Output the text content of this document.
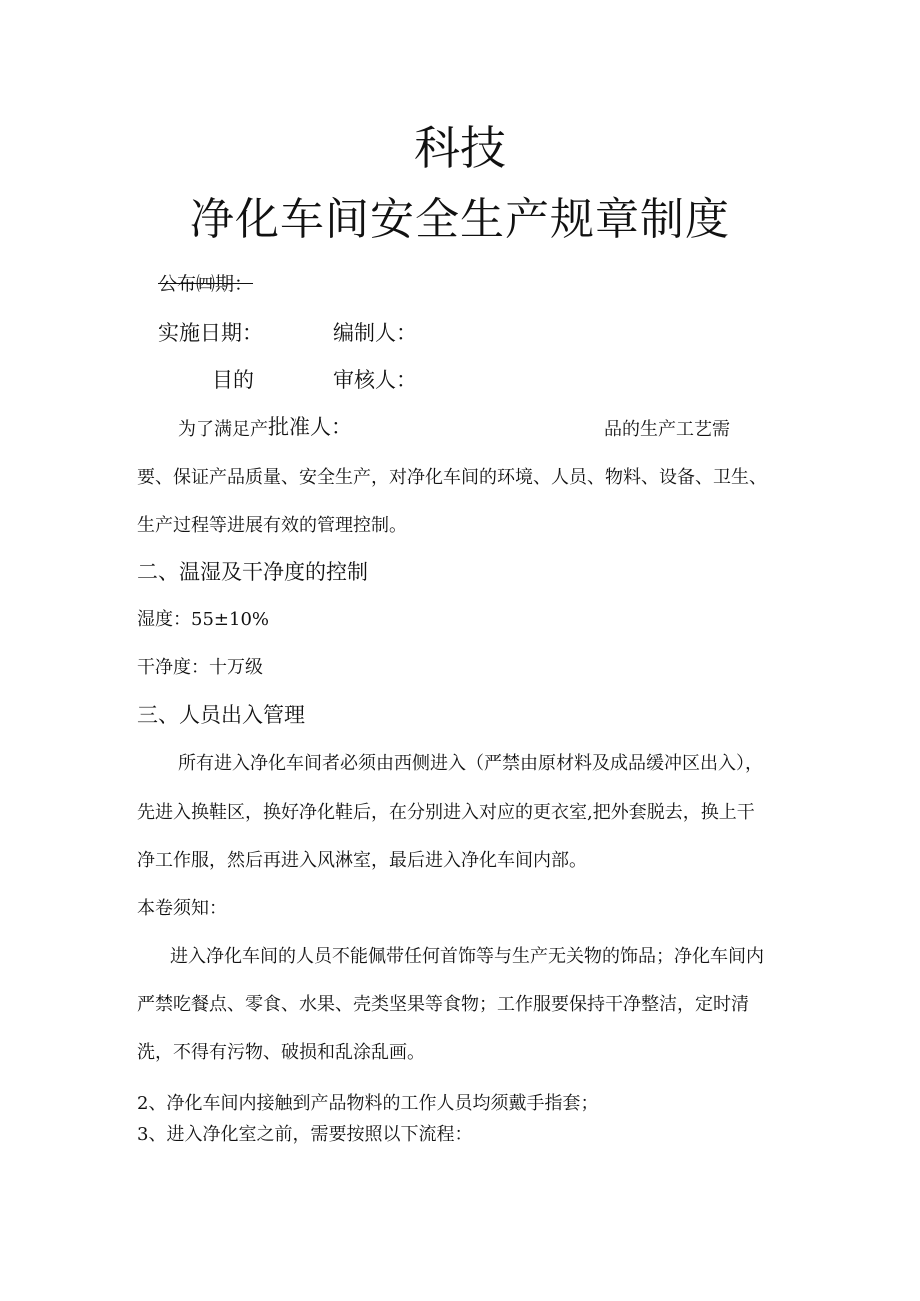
科技
净化车间安全生产规章制度
公布㈣期：
实施日期：	编制人：
目的	审核人：
为了满足产 批准人：	品的生产工艺需
要、保证产品质量、安全生产，对净化车间的环境、人员、物料、设备、卫生、
生产过程等进展有效的管理控制。
二、温湿及干净度的控制
湿度：55±10%
干净度：十万级
三、人员出入管理
所有进入净化车间者必须由西侧进入（严禁由原材料及成品缓冲区出入），
先进入换鞋区，换好净化鞋后，在分别进入对应的更衣室,把外套脱去，换上干
净工作服，然后再进入风淋室，最后进入净化车间内部。
本卷须知：
进入净化车间的人员不能佩带任何首饰等与生产无关物的饰品；净化车间内
严禁吃餐点、零食、水果、壳类坚果等食物；工作服要保持干净整洁，定时清
洗，不得有污物、破损和乱涂乱画。
2、净化车间内接触到产品物料的工作人员均须戴手指套；
3、进入净化室之前，需要按照以下流程：
